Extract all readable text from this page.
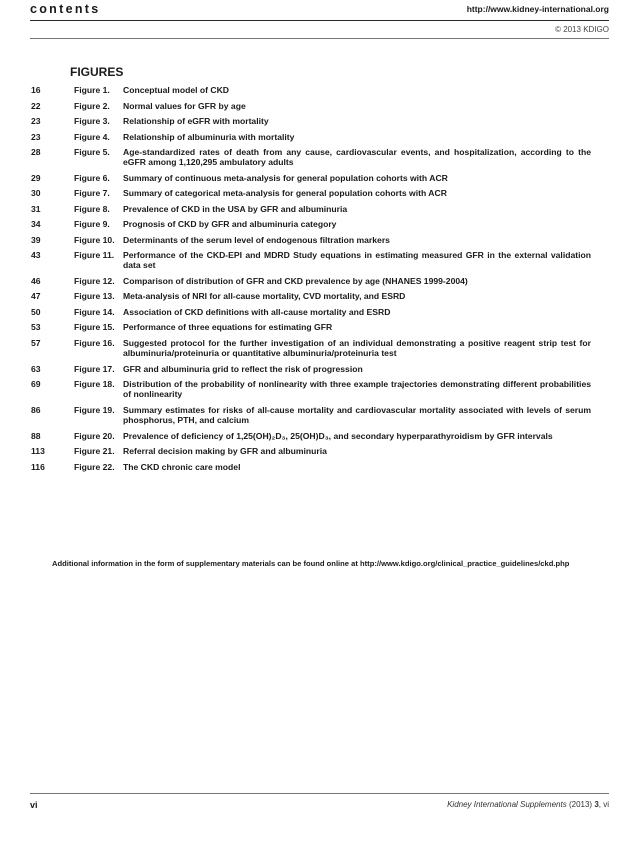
contents	http://www.kidney-international.org
© 2013 KDIGO
FIGURES
16	Figure 1.	Conceptual model of CKD
22	Figure 2.	Normal values for GFR by age
23	Figure 3.	Relationship of eGFR with mortality
23	Figure 4.	Relationship of albuminuria with mortality
28	Figure 5.	Age-standardized rates of death from any cause, cardiovascular events, and hospitalization, according to the eGFR among 1,120,295 ambulatory adults
29	Figure 6.	Summary of continuous meta-analysis for general population cohorts with ACR
30	Figure 7.	Summary of categorical meta-analysis for general population cohorts with ACR
31	Figure 8.	Prevalence of CKD in the USA by GFR and albuminuria
34	Figure 9.	Prognosis of CKD by GFR and albuminuria category
39	Figure 10. Determinants of the serum level of endogenous filtration markers
43	Figure 11.	Performance of the CKD-EPI and MDRD Study equations in estimating measured GFR in the external validation data set
46	Figure 12. Comparison of distribution of GFR and CKD prevalence by age (NHANES 1999-2004)
47	Figure 13. Meta-analysis of NRI for all-cause mortality, CVD mortality, and ESRD
50	Figure 14. Association of CKD definitions with all-cause mortality and ESRD
53	Figure 15. Performance of three equations for estimating GFR
57	Figure 16. Suggested protocol for the further investigation of an individual demonstrating a positive reagent strip test for albuminuria/proteinuria or quantitative albuminuria/proteinuria test
63	Figure 17. GFR and albuminuria grid to reflect the risk of progression
69	Figure 18. Distribution of the probability of nonlinearity with three example trajectories demonstrating different probabilities of nonlinearity
86	Figure 19. Summary estimates for risks of all-cause mortality and cardiovascular mortality associated with levels of serum phosphorus, PTH, and calcium
88	Figure 20. Prevalence of deficiency of 1,25(OH)₂D₃, 25(OH)D₃, and secondary hyperparathyroidism by GFR intervals
113	Figure 21. Referral decision making by GFR and albuminuria
116	Figure 22. The CKD chronic care model
Additional information in the form of supplementary materials can be found online at http://www.kdigo.org/clinical_practice_guidelines/ckd.php
vi	Kidney International Supplements (2013) 3, vi
